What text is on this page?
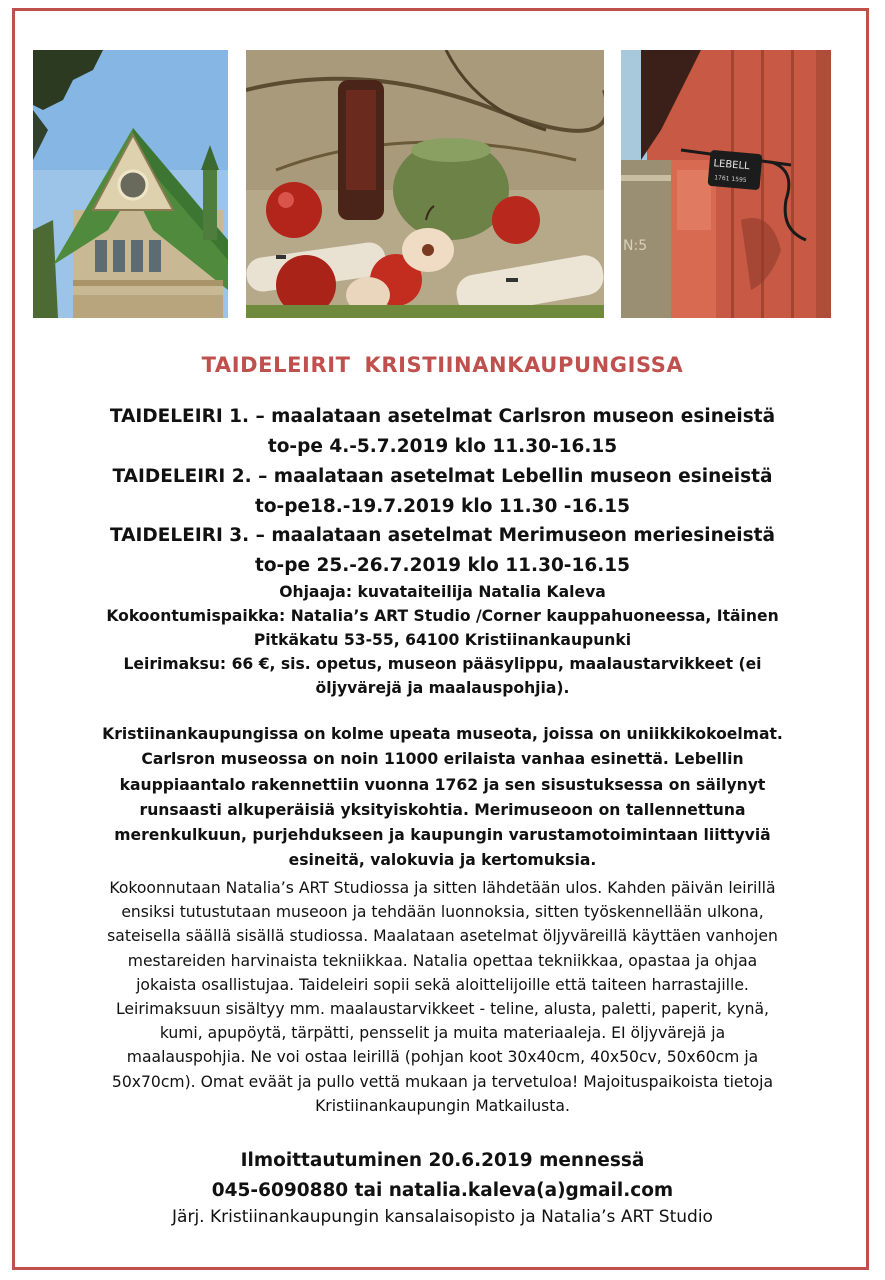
N:5
LEBELL
1761 1595
TAIDELEIRIT KRISTIINANKAUPUNGISSA
TAIDELEIRI 1. – maalataan asetelmat Carlsron museon esineistä
to-pe 4.-5.7.2019 klo 11.30-16.15
TAIDELEIRI 2. – maalataan asetelmat Lebellin museon esineistä
to-pe18.-19.7.2019 klo 11.30 -16.15
TAIDELEIRI 3. – maalataan asetelmat Merimuseon meriesineistä
to-pe 25.-26.7.2019 klo 11.30-16.15
Ohjaaja: kuvataiteilija Natalia Kaleva
Kokoontumispaikka: Natalia’s ART Studio /Corner kauppahuoneessa, Itäinen
Pitkäkatu 53-55, 64100 Kristiinankaupunki
Leirimaksu: 66 €, sis. opetus, museon pääsylippu, maalaustarvikkeet (ei
öljyvärejä ja maalauspohjia).
Kristiinankaupungissa on kolme upeata museota, joissa on uniikkikokoelmat.
Carlsron museossa on noin 11000 erilaista vanhaa esinettä. Lebellin
kauppiaantalo rakennettiin vuonna 1762 ja sen sisustuksessa on säilynyt
runsaasti alkuperäisiä yksityiskohtia. Merimuseoon on tallennettuna
merenkulkuun, purjehdukseen ja kaupungin varustamotoimintaan liittyviä
esineitä, valokuvia ja kertomuksia.
Kokoonnutaan Natalia’s ART Studiossa ja sitten lähdetään ulos. Kahden päivän leirillä
ensiksi tutustutaan museoon ja tehdään luonnoksia, sitten työskennellään ulkona,
sateisella säällä sisällä studiossa. Maalataan asetelmat öljyväreillä käyttäen vanhojen
mestareiden harvinaista tekniikkaa. Natalia opettaa tekniikkaa, opastaa ja ohjaa
jokaista osallistujaa. Taideleiri sopii sekä aloittelijoille että taiteen harrastajille.
Leirimaksuun sisältyy mm. maalaustarvikkeet - teline, alusta, paletti, paperit, kynä,
kumi, apupöytä, tärpätti, pensselit ja muita materiaaleja. EI öljyvärejä ja
maalauspohjia. Ne voi ostaa leirillä (pohjan koot 30x40cm, 40x50cv, 50x60cm ja
50x70cm). Omat eväät ja pullo vettä mukaan ja tervetuloa! Majoituspaikoista tietoja
Kristiinankaupungin Matkailusta.
Ilmoittautuminen 20.6.2019 mennessä
045-6090880 tai natalia.kaleva(a)gmail.com
Järj. Kristiinankaupungin kansalaisopisto ja Natalia’s ART Studio
